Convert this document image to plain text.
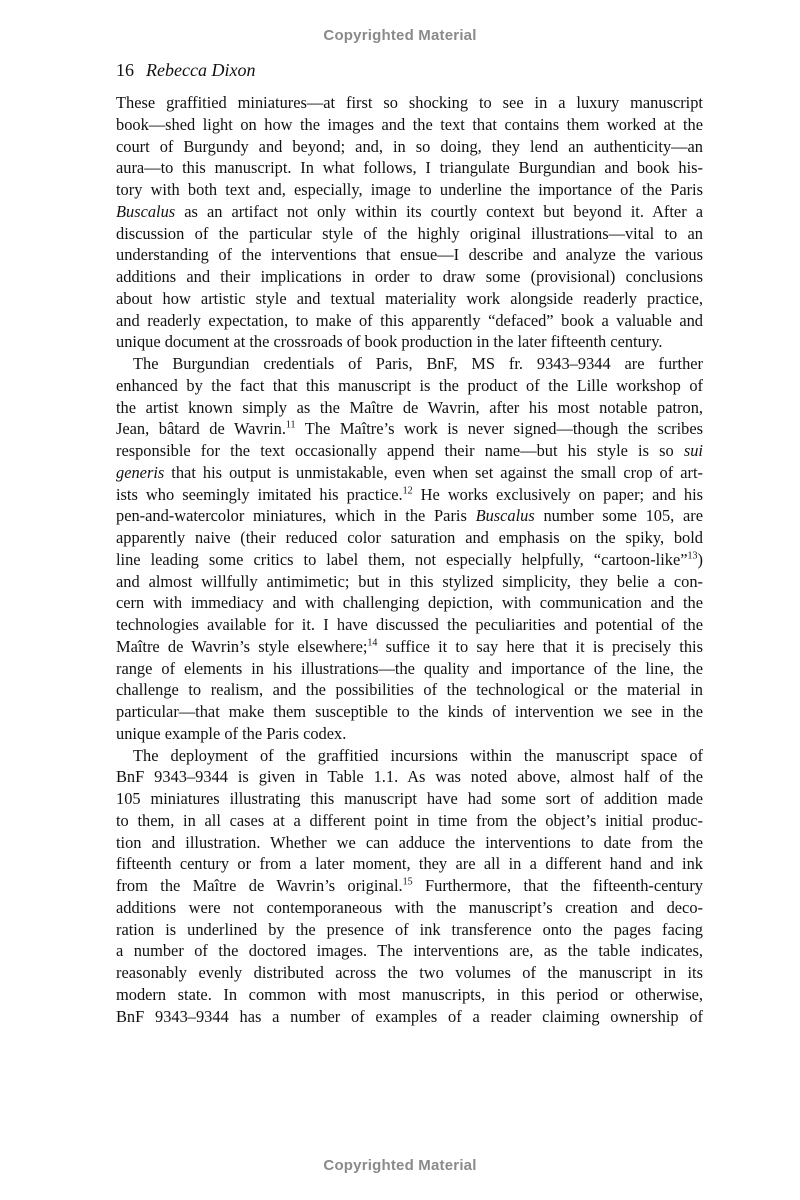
Copyrighted Material
16 Rebecca Dixon
These graffitied miniatures—at first so shocking to see in a luxury manuscript
book—shed light on how the images and the text that contains them worked at the
court of Burgundy and beyond; and, in so doing, they lend an authenticity—an
aura—to this manuscript. In what follows, I triangulate Burgundian and book his-
tory with both text and, especially, image to underline the importance of the Paris
Buscalus as an artifact not only within its courtly context but beyond it. After a
discussion of the particular style of the highly original illustrations—vital to an
understanding of the interventions that ensue—I describe and analyze the various
additions and their implications in order to draw some (provisional) conclusions
about how artistic style and textual materiality work alongside readerly practice,
and readerly expectation, to make of this apparently “defaced” book a valuable and
unique document at the crossroads of book production in the later fifteenth century.
The Burgundian credentials of Paris, BnF, MS fr. 9343–9344 are further
enhanced by the fact that this manuscript is the product of the Lille workshop of
the artist known simply as the Maître de Wavrin, after his most notable patron,
Jean, bâtard de Wavrin.$^{11}$ The Maître’s work is never signed—though the scribes
responsible for the text occasionally append their name—but his style is so sui
generis that his output is unmistakable, even when set against the small crop of art-
ists who seemingly imitated his practice.$^{12}$ He works exclusively on paper; and his
pen-and-watercolor miniatures, which in the Paris Buscalus number some 105, are
apparently naive (their reduced color saturation and emphasis on the spiky, bold
line leading some critics to label them, not especially helpfully, “cartoon-like”$^{13}$)
and almost willfully antimimetic; but in this stylized simplicity, they belie a con-
cern with immediacy and with challenging depiction, with communication and the
technologies available for it. I have discussed the peculiarities and potential of the
Maître de Wavrin’s style elsewhere;$^{14}$ suffice it to say here that it is precisely this
range of elements in his illustrations—the quality and importance of the line, the
challenge to realism, and the possibilities of the technological or the material in
particular—that make them susceptible to the kinds of intervention we see in the
unique example of the Paris codex.
The deployment of the graffitied incursions within the manuscript space of
BnF 9343–9344 is given in Table 1.1. As was noted above, almost half of the
105 miniatures illustrating this manuscript have had some sort of addition made
to them, in all cases at a different point in time from the object’s initial produc-
tion and illustration. Whether we can adduce the interventions to date from the
fifteenth century or from a later moment, they are all in a different hand and ink
from the Maître de Wavrin’s original.$^{15}$ Furthermore, that the fifteenth-century
additions were not contemporaneous with the manuscript’s creation and deco-
ration is underlined by the presence of ink transference onto the pages facing
a number of the doctored images. The interventions are, as the table indicates,
reasonably evenly distributed across the two volumes of the manuscript in its
modern state. In common with most manuscripts, in this period or otherwise,
BnF 9343–9344 has a number of examples of a reader claiming ownership of
Copyrighted Material
